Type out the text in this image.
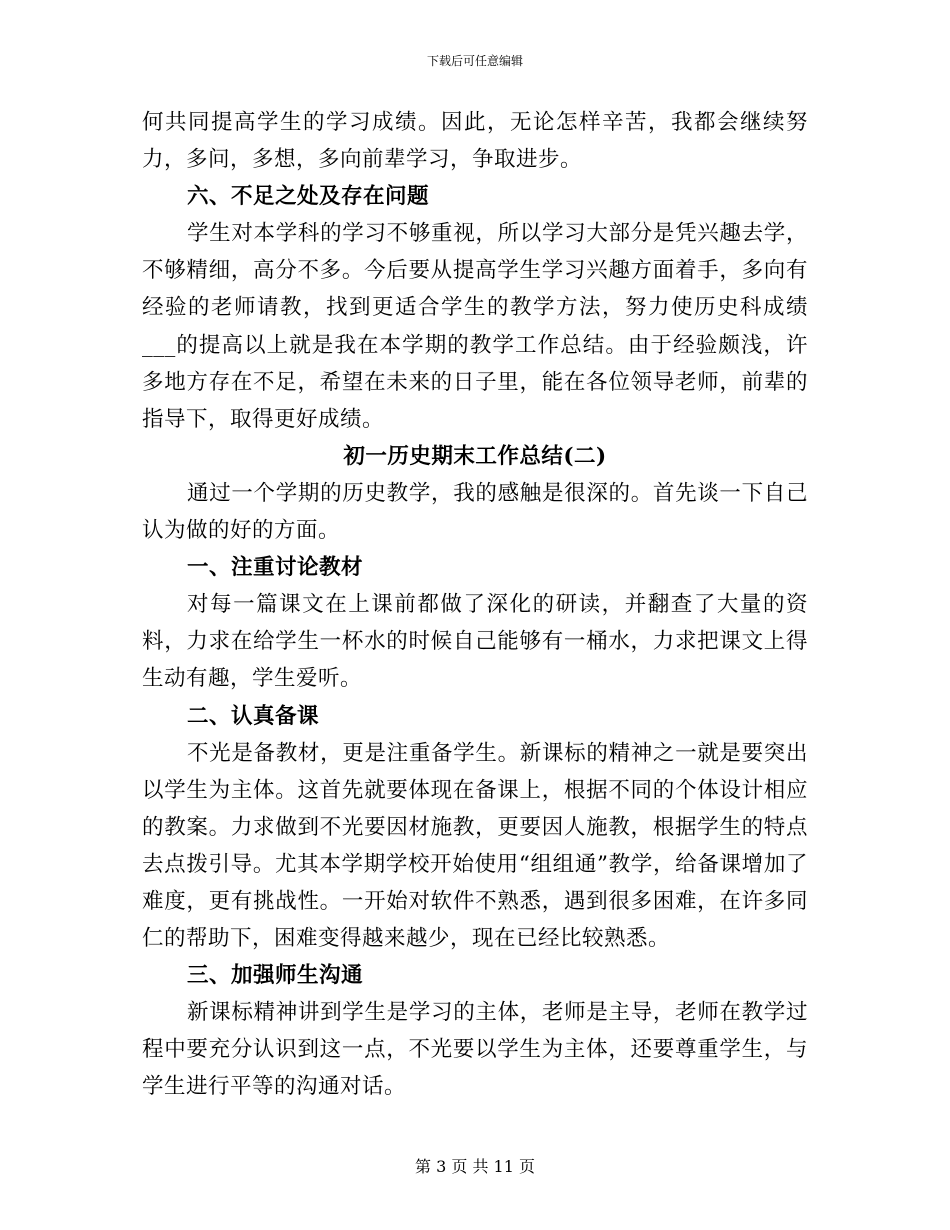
下载后可任意编辑

何共同提高学生的学习成绩。因此，无论怎样辛苦，我都会继续努力，多问，多想，多向前辈学习，争取进步。

六、不足之处及存在问题

学生对本学科的学习不够重视，所以学习大部分是凭兴趣去学，不够精细，高分不多。今后要从提高学生学习兴趣方面着手，多向有经验的老师请教，找到更适合学生的教学方法，努力使历史科成绩___的提高以上就是我在本学期的教学工作总结。由于经验颇浅，许多地方存在不足，希望在未来的日子里，能在各位领导老师，前辈的指导下，取得更好成绩。

初一历史期末工作总结(二)

通过一个学期的历史教学，我的感触是很深的。首先谈一下自己认为做的好的方面。

一、注重讨论教材

对每一篇课文在上课前都做了深化的研读，并翻查了大量的资料，力求在给学生一杯水的时候自己能够有一桶水，力求把课文上得生动有趣，学生爱听。

二、认真备课

不光是备教材，更是注重备学生。新课标的精神之一就是要突出以学生为主体。这首先就要体现在备课上，根据不同的个体设计相应的教案。力求做到不光要因材施教，更要因人施教，根据学生的特点去点拨引导。尤其本学期学校开始使用“组组通”教学，给备课增加了难度，更有挑战性。一开始对软件不熟悉，遇到很多困难，在许多同仁的帮助下，困难变得越来越少，现在已经比较熟悉。

三、加强师生沟通

新课标精神讲到学生是学习的主体，老师是主导，老师在教学过程中要充分认识到这一点，不光要以学生为主体，还要尊重学生，与学生进行平等的沟通对话。

第 3 页 共 11 页
